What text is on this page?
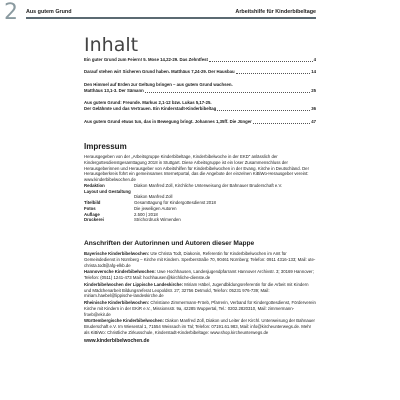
2 Aus gutem Grund	Arbeitshilfe für Kinderbibeltage
Inhalt
Ein guter Grund zum Feiern! 5. Mose 14,22-29. Das Zehntfest	4
Darauf stehen wir! Sicheren Grund haben. Matthäus 7,24-29. Der Hausbau	14
Den Himmel auf Erden zur Geltung bringen – aus gutem Grund wachsen.
Matthäus 13,1-3. Der Sämann	25
Aus gutem Grund: Freunde. Markus 2,1-12 bzw. Lukas 5,17-25.
Der Gelähmte und das Vertrauen. Ein Kinderstadt-Kinderbibeltag	36
Aus gutem Grund etwas tun, das in Bewegung bringt. Johannes 1,35ff. Die Jünger	47
Impressum

Herausgegeben von der „Arbeitsgruppe Kinderbibeltage, Kinderbibelwoche in der EKD“ anlässlich der Kindergottesdienstgesamttagung 2018 in Stuttgart. Diese Arbeitsgruppe ist ein loser Zusammenschluss der Herausgeberinnen und Herausgeber von Arbeitshilfen für Kinderbibelwochen in der Evang. Kirche in Deutschland. Der Herausgeberkreis führt ein gemeinsames Internetportal, das die Angebote der einzelnen KiBiWo-Herausgeber vereint: www.kinderbibelwochen.de

Redaktion	Diakon Manfred Zoll, Kirchliche Unterweisung der Bahnauer Bruderschaft e.V.
Layout und Gestaltung
Diakon Manfred Zoll
Titelbild	Gesamttagung für Kindergottesdienst 2018
Fotos	Die jeweiligen Autoren
Auflage	2.500 | 2018
Druckerei	Strichcrdruck Wimenden
Anschriften der Autorinnen und Autoren dieser Mappe

Bayerische Kinderbibelwochen: Ute Christa Todt, Diakonin, Referentin für Kinderbibelwochen im Amt für Gemeindedienst in Nürnberg – Kirche mit Kindern. Sperberstraße 70, 90461 Nürnberg; Telefon: 0911 4316-133; Mail: ute-christa.todt@afg-elkb.de

Hannoversche Kinderbibelwochen: Uwe Hochhausen, Landesjugendpfarramt Hannover Archivstr. 3; 30169 Hannover; Telefon: (0511) 1241-473 Mail: hochhausen@kirchliche-dienste.de

Kinderbibelwochen der Lippische Landeskirche: Miriam Häbel, Jugendbildungsreferentin für die Arbeit mit Kindern und Mädchenarbeit Bildungsreferat Leopoldstr. 27; 32756 Detmold, Telefon: 05231 976-739; Mail: miriam.haebel@lippische-landeskirche.de

Rheinische Kinderbibelwochen: Christiane Zimmermann-Fröeb, Pfarrerin, Verband für Kindergottesdienst, Förderverein Kirche mit Kindern in der EKiR e.V., Missionsstr. 9a, 42285 Wuppertal, Tel.: 0202.2820310, Mail: zimmermann-froeb@ekir.de

Württembergische Kinderbibelwochen: Diakon Manfred Zoll, Diakon und Leiter der Kirchl. Unterweisung der Bahnauer Bruderschaft e.V. Im Wiesental 1, 71554 Weissach im Tal; Telefon: 07191.61.983, Mail: info@kircheunterwegs.de. Mehr als KiBiWo: Christliche Zirkusschule, Kinderstadt-Kinderbibeltage: www.shop.kircheunterwegs.de

www.kinderbibelwochen.de
